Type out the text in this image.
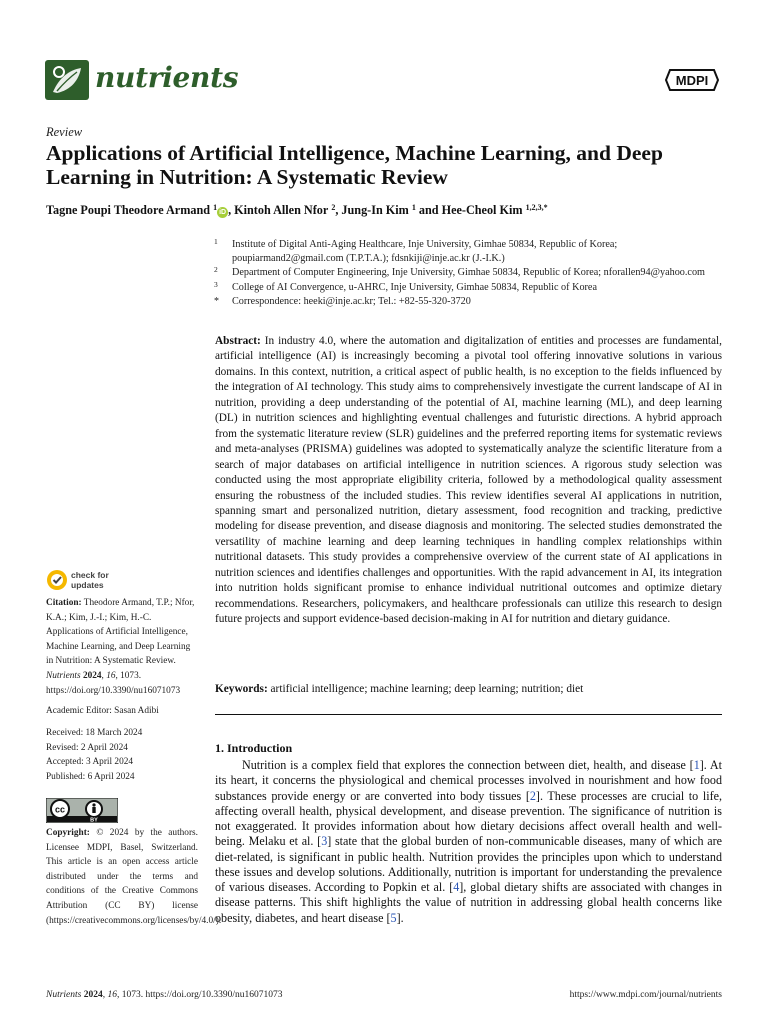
nutrients	MDPI
Review
Applications of Artificial Intelligence, Machine Learning, and Deep Learning in Nutrition: A Systematic Review
Tagne Poupi Theodore Armand $^1$iD , Kintoh Allen Nfor $^2$, Jung-In Kim $^1$ and Hee-Cheol Kim $^{1,2,3,*}$
1 Institute of Digital Anti-Aging Healthcare, Inje University, Gimhae 50834, Republic of Korea; poupiarmand2@gmail.com (T.P.T.A.); fdsnkiji@inje.ac.kr (J.-I.K.)
2 Department of Computer Engineering, Inje University, Gimhae 50834, Republic of Korea; nforallen94@yahoo.com
3 College of AI Convergence, u-AHRC, Inje University, Gimhae 50834, Republic of Korea
* Correspondence: heeki@inje.ac.kr; Tel.: +82-55-320-3720
Abstract: In industry 4.0, where the automation and digitalization of entities and processes are fundamental, artificial intelligence (AI) is increasingly becoming a pivotal tool offering innovative solutions in various domains. In this context, nutrition, a critical aspect of public health, is no exception to the fields influenced by the integration of AI technology. This study aims to comprehensively investigate the current landscape of AI in nutrition, providing a deep understanding of the potential of AI, machine learning (ML), and deep learning (DL) in nutrition sciences and highlighting eventual challenges and futuristic directions. A hybrid approach from the systematic literature review (SLR) guidelines and the preferred reporting items for systematic reviews and meta-analyses (PRISMA) guidelines was adopted to systematically analyze the scientific literature from a search of major databases on artificial intelligence in nutrition sciences. A rigorous study selection was conducted using the most appropriate eligibility criteria, followed by a methodological quality assessment ensuring the robustness of the included studies. This review identifies several AI applications in nutrition, spanning smart and personalized nutrition, dietary assessment, food recognition and tracking, predictive modeling for disease prevention, and disease diagnosis and monitoring. The selected studies demonstrated the versatility of machine learning and deep learning techniques in handling complex relationships within nutritional datasets. This study provides a comprehensive overview of the current state of AI applications in nutrition sciences and identifies challenges and opportunities. With the rapid advancement in AI, its integration into nutrition holds significant promise to enhance individual nutritional outcomes and optimize dietary recommendations. Researchers, policymakers, and healthcare professionals can utilize this research to design future projects and support evidence-based decision-making in AI for nutrition and dietary guidance.
Keywords: artificial intelligence; machine learning; deep learning; nutrition; diet
1. Introduction
Nutrition is a complex field that explores the connection between diet, health, and disease [1]. At its heart, it concerns the physiological and chemical processes involved in nourishment and how food substances provide energy or are converted into body tissues [2]. These processes are crucial to life, affecting overall health, physical development, and disease prevention. The significance of nutrition is not exaggerated. It provides information about how dietary decisions affect overall health and well-being. Melaku et al. [3] state that the global burden of non-communicable diseases, many of which are diet-related, is significant in public health. Nutrition provides the principles upon which to understand these issues and develop solutions. Additionally, nutrition is important for understanding the prevalence of various diseases. According to Popkin et al. [4], global dietary shifts are associated with changes in disease patterns. This shift highlights the value of nutrition in addressing global health concerns like obesity, diabetes, and heart disease [5].
check for
updates
Citation: Theodore Armand, T.P.; Nfor, K.A.; Kim, J.-I.; Kim, H.-C. Applications of Artificial Intelligence, Machine Learning, and Deep Learning in Nutrition: A Systematic Review. Nutrients 2024, 16, 1073. https://doi.org/10.3390/nu16071073
Academic Editor: Sasan Adibi
Received: 18 March 2024
Revised: 2 April 2024
Accepted: 3 April 2024
Published: 6 April 2024
cc
BY
Copyright: © 2024 by the authors. Licensee MDPI, Basel, Switzerland. This article is an open access article distributed under the terms and conditions of the Creative Commons Attribution (CC BY) license (https://creativecommons.org/licenses/by/4.0/).
Nutrients 2024, 16, 1073. https://doi.org/10.3390/nu16071073	https://www.mdpi.com/journal/nutrients
